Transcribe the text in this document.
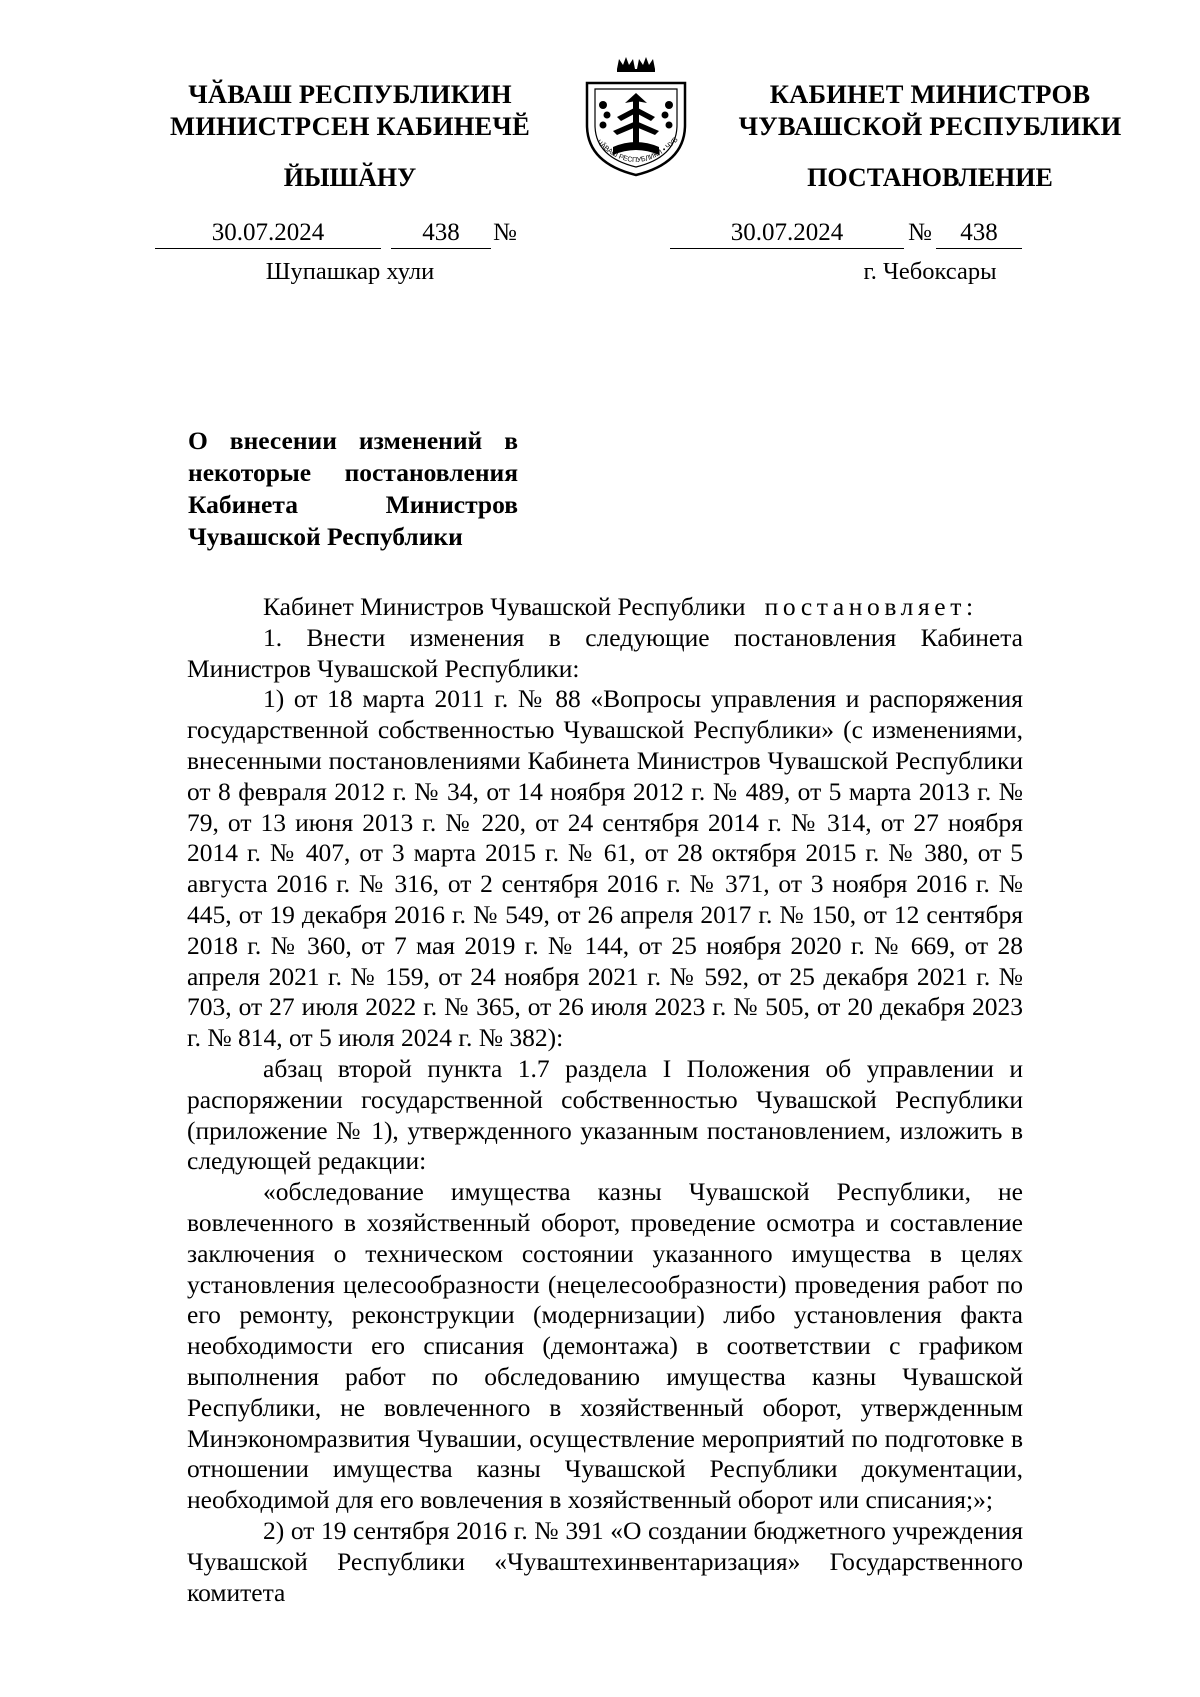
ЧӐВАШ РЕСПУБЛИКИН
МИНИСТРСЕН КАБИНЕЧӖ
ЙЫШӐНУ
КАБИНЕТ МИНИСТРОВ
ЧУВАШСКОЙ РЕСПУБЛИКИ
ПОСТАНОВЛЕНИЕ
ЧӐВАШ РЕСПУБЛИКИ • ЧУВ
30.07.2024	438	№	30.07.2024	№	438
Шупашкар хули	г. Чебоксары
О внесении изменений в некоторые постановления Кабинета Министров Чувашской Республики

Кабинет Министров Чувашской Республики постановляет:

1. Внести изменения в следующие постановления Кабинета Министров Чувашской Республики:

1) от 18 марта 2011 г. № 88 «Вопросы управления и распоряжения государственной собственностью Чувашской Республики» (с изменениями, внесенными постановлениями Кабинета Министров Чувашской Республики от 8 февраля 2012 г. № 34, от 14 ноября 2012 г. № 489, от 5 марта 2013 г. № 79, от 13 июня 2013 г. № 220, от 24 сентября 2014 г. № 314, от 27 ноября 2014 г. № 407, от 3 марта 2015 г. № 61, от 28 октября 2015 г. № 380, от 5 августа 2016 г. № 316, от 2 сентября 2016 г. № 371, от 3 ноября 2016 г. № 445, от 19 декабря 2016 г. № 549, от 26 апреля 2017 г. № 150, от 12 сентября 2018 г. № 360, от 7 мая 2019 г. № 144, от 25 ноября 2020 г. № 669, от 28 апреля 2021 г. № 159, от 24 ноября 2021 г. № 592, от 25 декабря 2021 г. № 703, от 27 июля 2022 г. № 365, от 26 июля 2023 г. № 505, от 20 декабря 2023 г. № 814, от 5 июля 2024 г. № 382):

абзац второй пункта 1.7 раздела I Положения об управлении и распоряжении государственной собственностью Чувашской Республики (приложение № 1), утвержденного указанным постановлением, изложить в следующей редакции:

«обследование имущества казны Чувашской Республики, не вовлеченного в хозяйственный оборот, проведение осмотра и составление заключения о техническом состоянии указанного имущества в целях установления целесообразности (нецелесообразности) проведения работ по его ремонту, реконструкции (модернизации) либо установления факта необходимости его списания (демонтажа) в соответствии с графиком выполнения работ по обследованию имущества казны Чувашской Республики, не вовлеченного в хозяйственный оборот, утвержденным Минэкономразвития Чувашии, осуществление мероприятий по подготовке в отношении имущества казны Чувашской Республики документации, необходимой для его вовлечения в хозяйственный оборот или списания;»;

2) от 19 сентября 2016 г. № 391 «О создании бюджетного учреждения Чувашской Республики «Чуваштехинвентаризация» Государственного комитета
